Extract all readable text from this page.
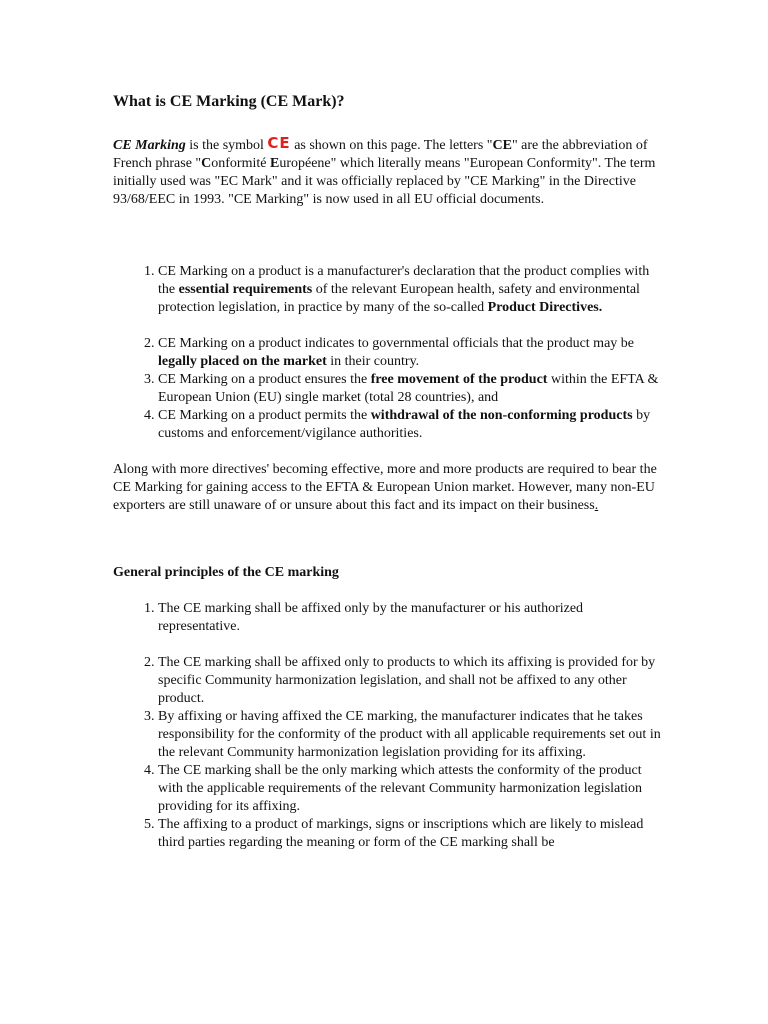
What is CE Marking (CE Mark)?

CE Marking is the symbol CE as shown on this page. The letters "CE" are the abbreviation of French phrase "Conformité Européene" which literally means "European Conformity". The term initially used was "EC Mark" and it was officially replaced by "CE Marking" in the Directive 93/68/EEC in 1993. "CE Marking" is now used in all EU official documents.

1. CE Marking on a product is a manufacturer's declaration that the product complies with the essential requirements of the relevant European health, safety and environmental protection legislation, in practice by many of the so-called Product Directives.
2. CE Marking on a product indicates to governmental officials that the product may be legally placed on the market in their country.
3. CE Marking on a product ensures the free movement of the product within the EFTA & European Union (EU) single market (total 28 countries), and
4. CE Marking on a product permits the withdrawal of the non-conforming products by customs and enforcement/vigilance authorities.

Along with more directives' becoming effective, more and more products are required to bear the CE Marking for gaining access to the EFTA & European Union market. However, many non-EU exporters are still unaware of or unsure about this fact and its impact on their business.

General principles of the CE marking
1. The CE marking shall be affixed only by the manufacturer or his authorized representative.
2. The CE marking shall be affixed only to products to which its affixing is provided for by specific Community harmonization legislation, and shall not be affixed to any other product.
3. By affixing or having affixed the CE marking, the manufacturer indicates that he takes responsibility for the conformity of the product with all applicable requirements set out in the relevant Community harmonization legislation providing for its affixing.
4. The CE marking shall be the only marking which attests the conformity of the product with the applicable requirements of the relevant Community harmonization legislation providing for its affixing.
5. The affixing to a product of markings, signs or inscriptions which are likely to mislead third parties regarding the meaning or form of the CE marking shall be
